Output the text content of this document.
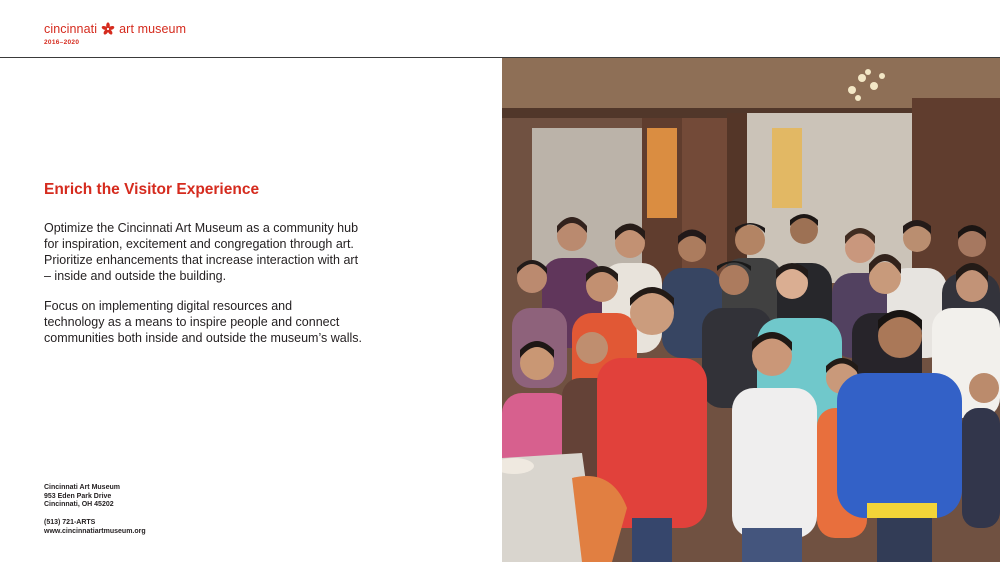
cincinnati art museum
2016–2020
Enrich the Visitor Experience
Optimize the Cincinnati Art Museum as a community hub
for inspiration, excitement and congregation through art.
Prioritize enhancements that increase interaction with art
– inside and outside the building.
Focus on implementing digital resources and
technology as a means to inspire people and connect
communities both inside and outside the museum’s walls.
Cincinnati Art Museum
953 Eden Park Drive
Cincinnati, OH 45202
(513) 721-ARTS
www.cincinnatiartmuseum.org
